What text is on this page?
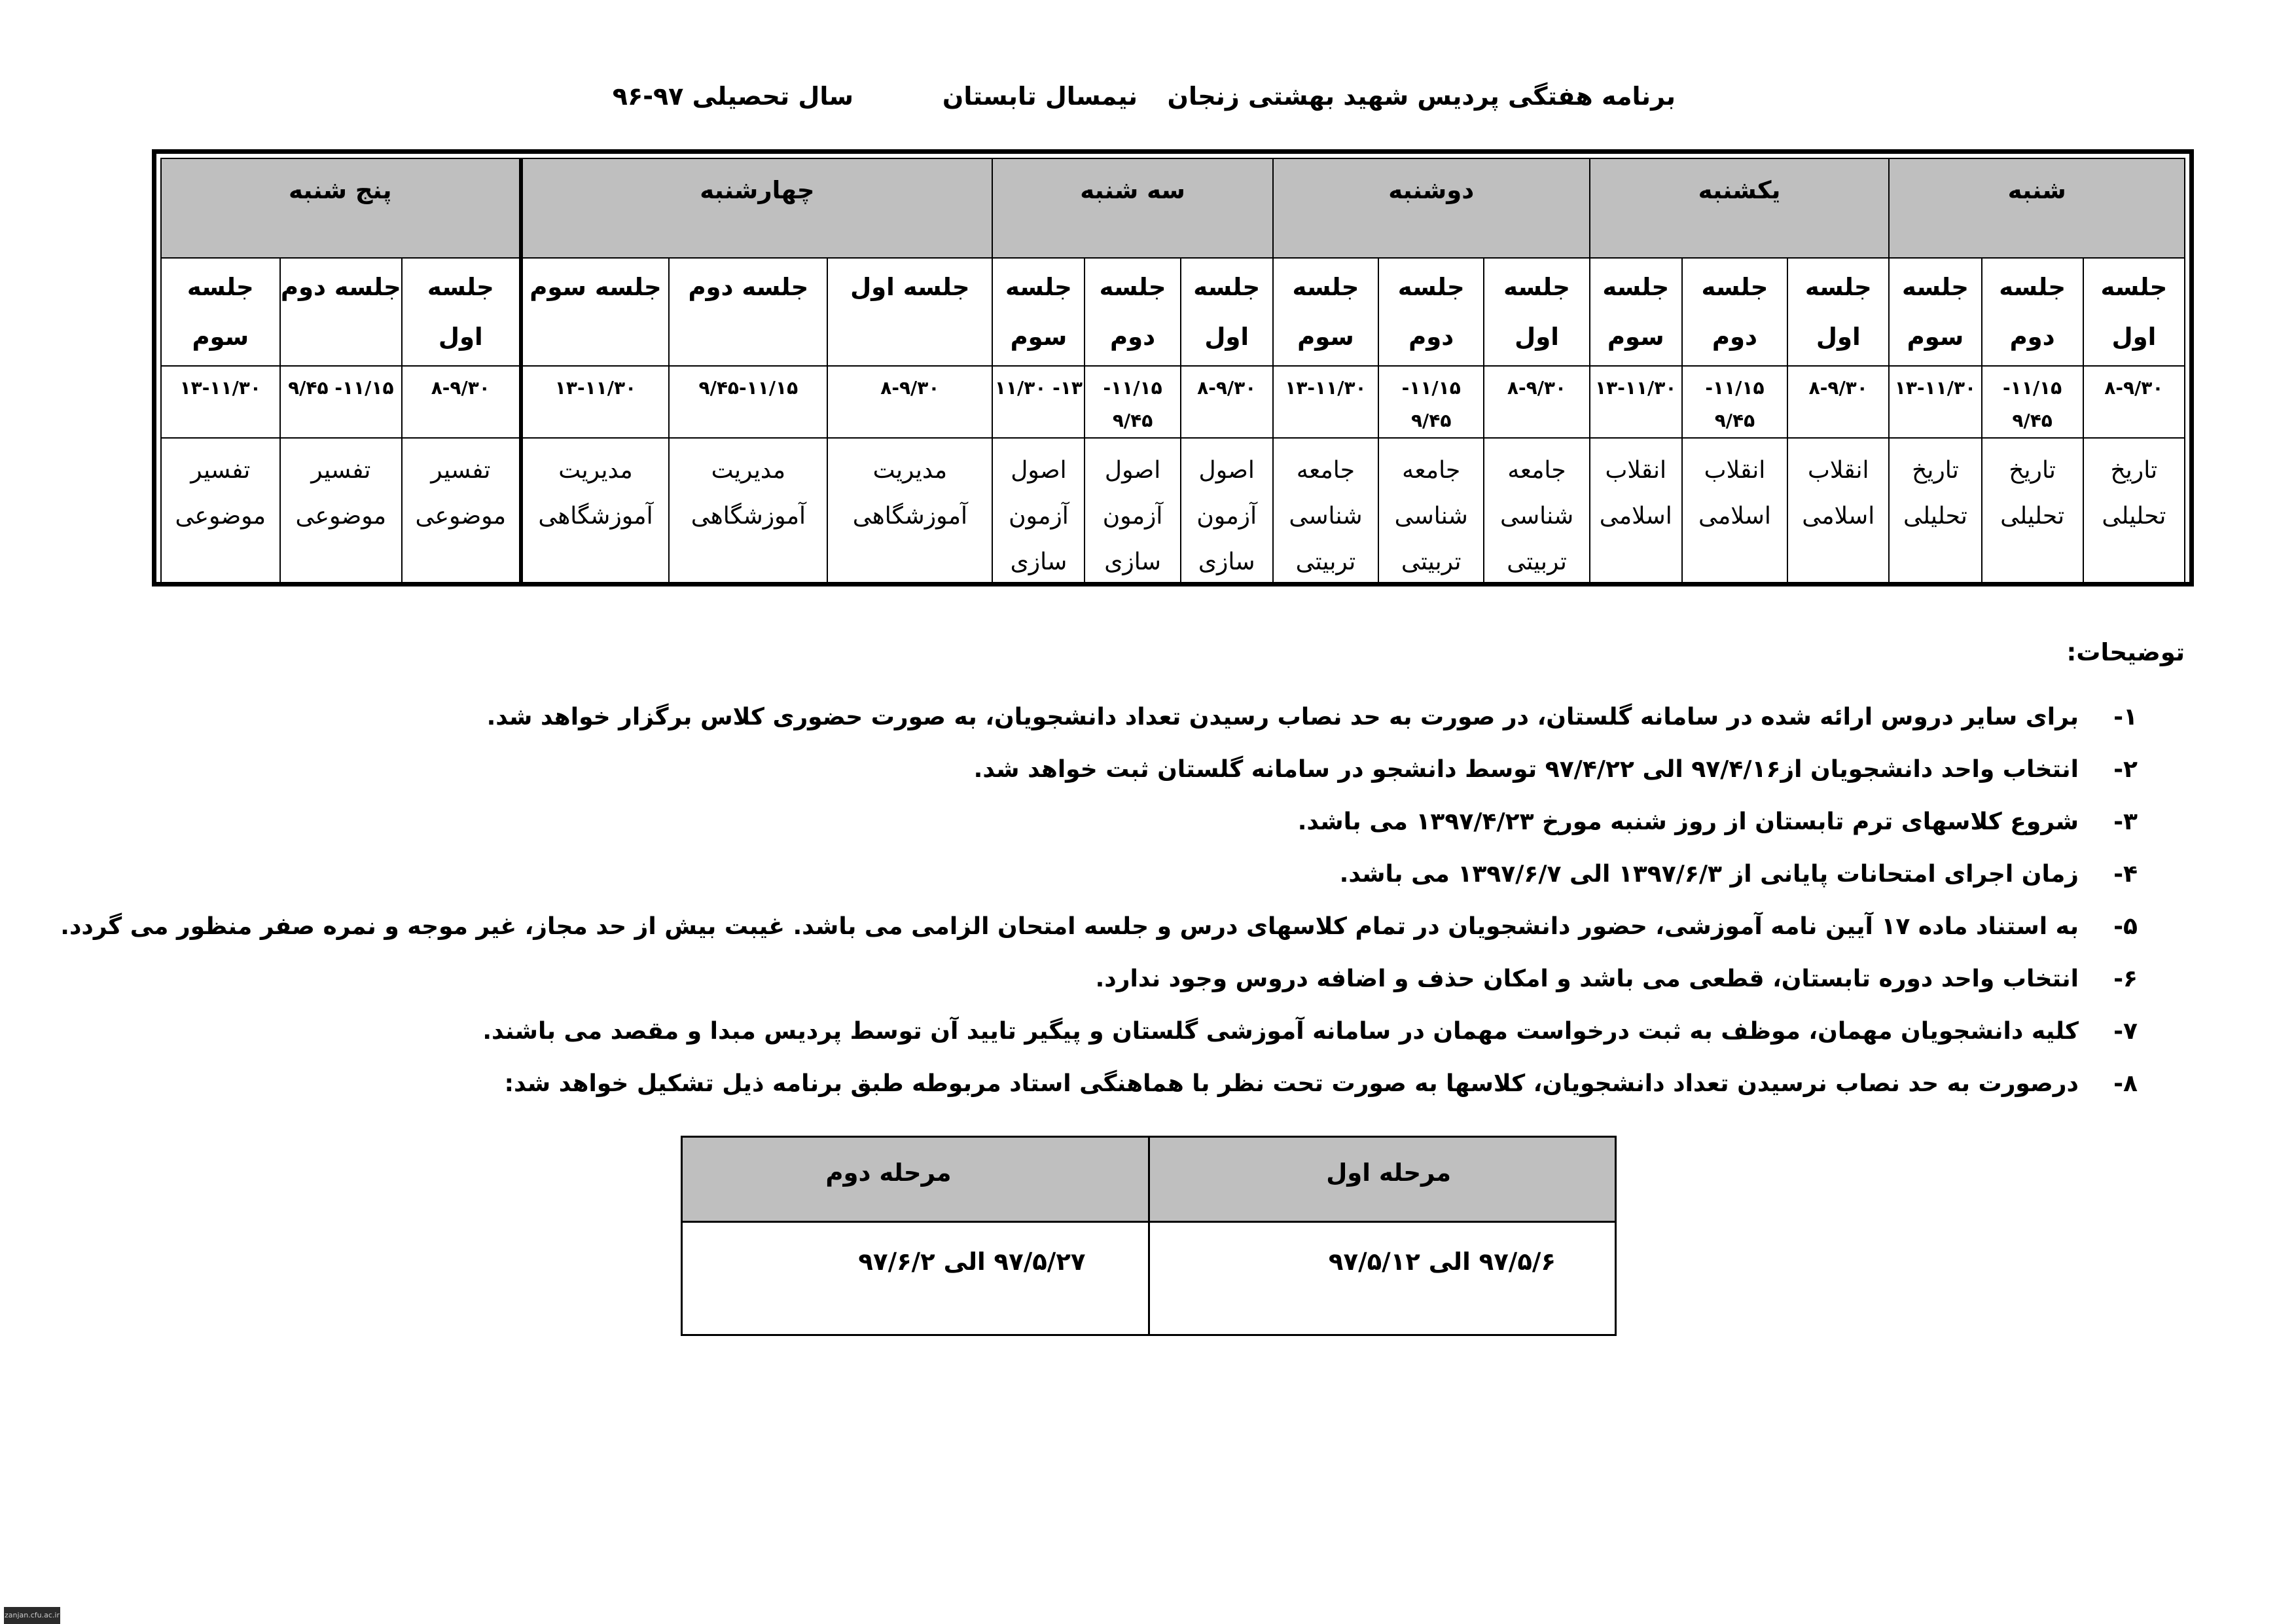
برنامه هفتگی پردیس شهید بهشتی زنجان
نیمسال تابستان
سال تحصیلی ۹۷-۹۶
شنبه			یکشنبه			دوشنبه			سه شنبه			چهارشنبه			پنج شنبه		
جلسه اول	جلسه دوم	جلسه سوم	جلسه اول	جلسه دوم	جلسه سوم	جلسه اول	جلسه دوم	جلسه سوم	جلسه اول	جلسه دوم	جلسه سوم	جلسه اول	جلسه دوم	جلسه سوم	جلسه اول	جلسه دوم	جلسه سوم
۸-۹/۳۰	۱۱/۱۵- ۹/۴۵	۱۳-۱۱/۳۰	۸-۹/۳۰	۱۱/۱۵- ۹/۴۵	۱۳-۱۱/۳۰	۸-۹/۳۰	۱۱/۱۵- ۹/۴۵	۱۳-۱۱/۳۰	۸-۹/۳۰	۱۱/۱۵- ۹/۴۵	۱۳- ۱۱/۳۰	۸-۹/۳۰	۹/۴۵-۱۱/۱۵	۱۳-۱۱/۳۰	۸-۹/۳۰	۱۱/۱۵- ۹/۴۵	۱۳-۱۱/۳۰
تاریخ تحلیلی	تاریخ تحلیلی	تاریخ تحلیلی	انقلاب اسلامی	انقلاب اسلامی	انقلاب اسلامی	جامعه شناسی تربیتی	جامعه شناسی تربیتی	جامعه شناسی تربیتی	اصول آزمون سازی	اصول آزمون سازی	اصول آزمون سازی	مدیریت آموزشگاهی	مدیریت آموزشگاهی	مدیریت آموزشگاهی	تفسیر موضوعی	تفسیر موضوعی	تفسیر موضوعی
توضیحات:
۱-
برای سایر دروس ارائه شده در سامانه گلستان، در صورت به حد نصاب رسیدن تعداد دانشجویان، به صورت حضوری کلاس برگزار خواهد شد.
۲-
انتخاب واحد دانشجویان از۹۷/۴/۱۶ الی ۹۷/۴/۲۲ توسط دانشجو در سامانه گلستان ثبت خواهد شد.
۳-
شروع کلاسهای ترم تابستان از روز شنبه مورخ ۱۳۹۷/۴/۲۳ می باشد.
۴-
زمان اجرای امتحانات پایانی از ۱۳۹۷/۶/۳ الی ۱۳۹۷/۶/۷ می باشد.
۵-
به استناد ماده ۱۷ آیین نامه آموزشی، حضور دانشجویان در تمام کلاسهای درس و جلسه امتحان الزامی می باشد. غیبت بیش از حد مجاز، غیر موجه و نمره صفر منظور می گردد.
۶-
انتخاب واحد دوره تابستان، قطعی می باشد و امکان حذف و اضافه دروس وجود ندارد.
۷-
کلیه دانشجویان مهمان، موظف به ثبت درخواست مهمان در سامانه آموزشی گلستان و پیگیر تایید آن توسط پردیس مبدا و مقصد می باشند.
۸-
درصورت به حد نصاب نرسیدن تعداد دانشجویان، کلاسها به صورت تحت نظر با هماهنگی استاد مربوطه طبق برنامه ذیل تشکیل خواهد شد:
مرحله اول	مرحله دوم
۹۷/۵/۶ الی ۹۷/۵/۱۲	۹۷/۵/۲۷ الی ۹۷/۶/۲
zanjan.cfu.ac.ir
